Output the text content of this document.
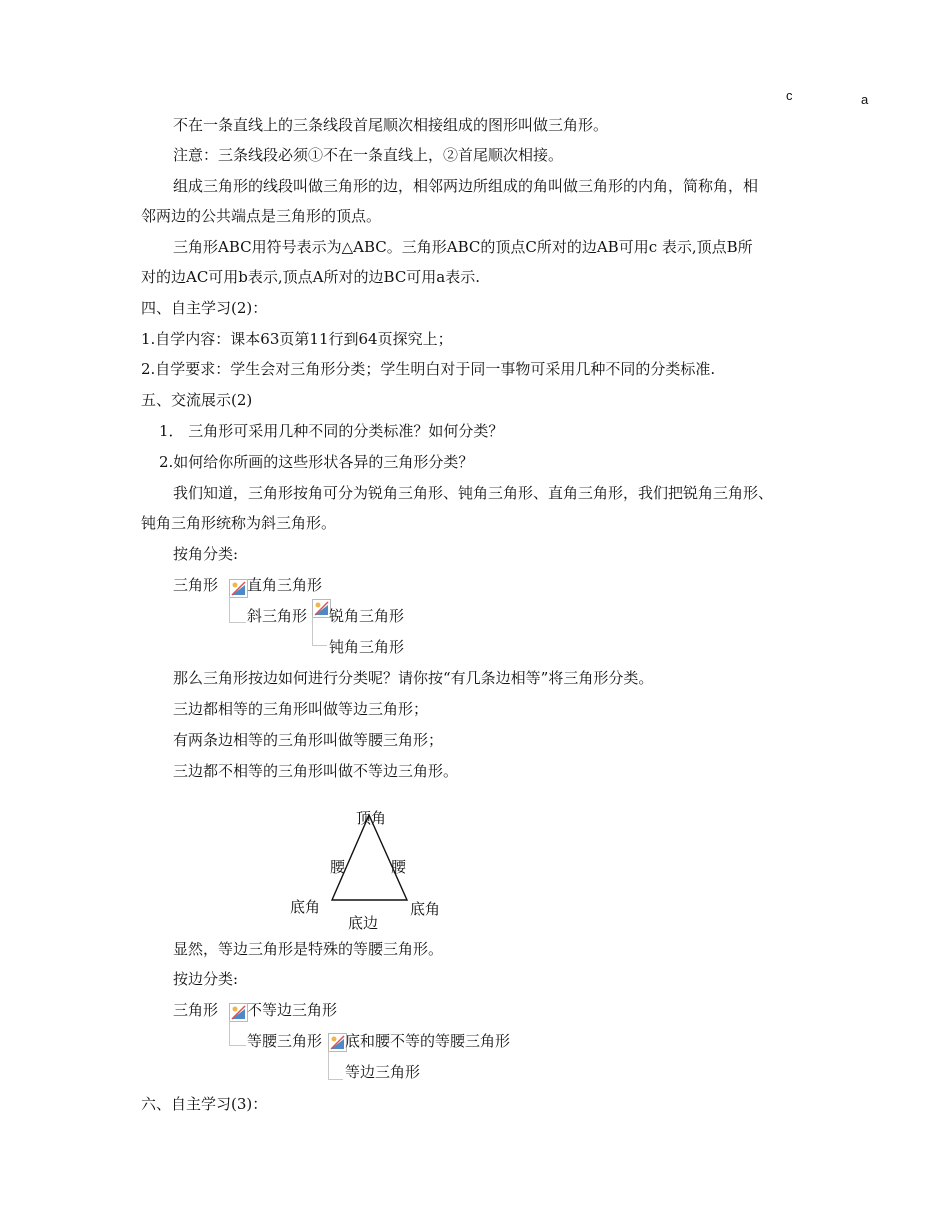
c	a
不在一条直线上的三条线段首尾顺次相接组成的图形叫做三角形。
注意：三条线段必须①不在一条直线上，②首尾顺次相接。
组成三角形的线段叫做三角形的边，相邻两边所组成的角叫做三角形的内角，简称角，相
邻两边的公共端点是三角形的顶点。
三角形ABC用符号表示为△ABC。三角形ABC的顶点C所对的边AB可用c 表示,顶点B所
对的边AC可用b表示,顶点A所对的边BC可用a表示.
四、自主学习(2)：
1.自学内容：课本63页第11行到64页探究上；
2.自学要求：学生会对三角形分类；学生明白对于同一事物可采用几种不同的分类标准.
五、交流展示(2)
1． 三角形可采用几种不同的分类标准？如何分类？
2.如何给你所画的这些形状各异的三角形分类？
我们知道，三角形按角可分为锐角三角形、钝角三角形、直角三角形，我们把锐角三角形、
钝角三角形统称为斜三角形。
按角分类:
三角形 直角三角形
斜三角形 锐角三角形
钝角三角形
那么三角形按边如何进行分类呢？请你按“有几条边相等”将三角形分类。
三边都相等的三角形叫做等边三角形；
有两条边相等的三角形叫做等腰三角形；
三边都不相等的三角形叫做不等边三角形。
顶角
腰	腰
底角	底角
底边
显然，等边三角形是特殊的等腰三角形。
按边分类:
三角形 不等边三角形
等腰三角形 底和腰不等的等腰三角形
等边三角形
六、自主学习(3)：
